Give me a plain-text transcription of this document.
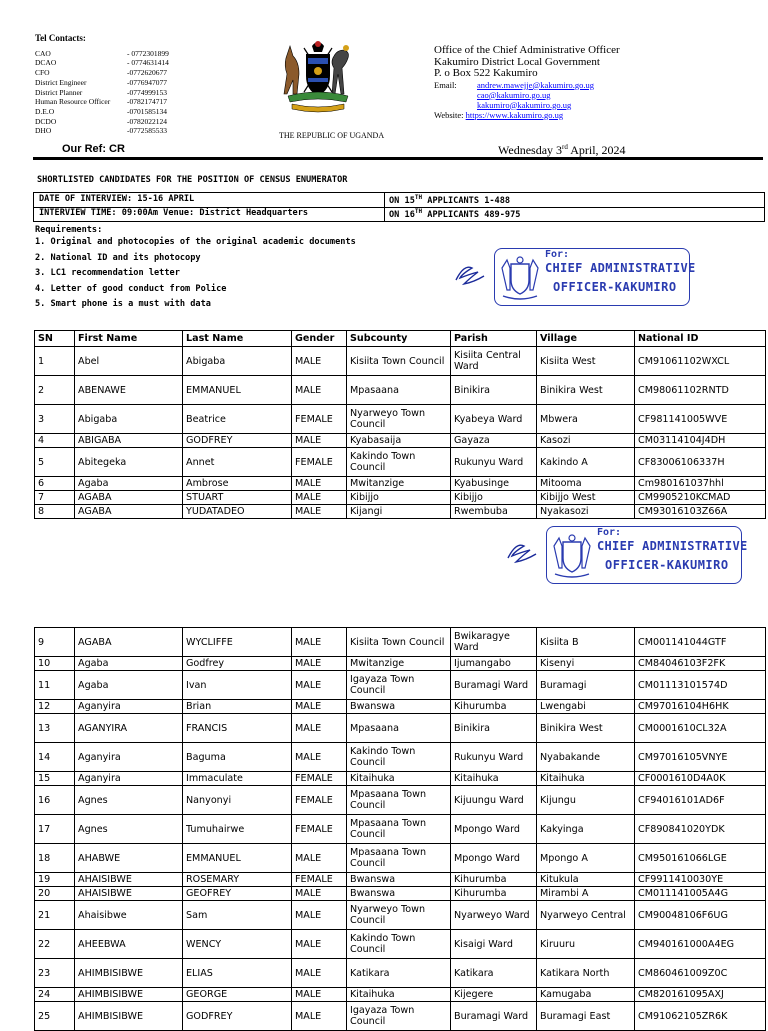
Tel Contacts:
CAO	- 0772301899
DCAO	- 0774631414
CFO	-0772620677
District Engineer	-0776947077
District Planner	-0774999153
Human Resource Officer	-0782174717
D.E.O	-0701585134
DCDO	-0782022124
DHO	-0772585533
THE REPUBLIC OF UGANDA
Office of the Chief Administrative Officer
Kakumiro District Local Government
P. o Box 522 Kakumiro
Email:	andrew.mawejje@kakumiro.go.ug
cao@kakumiro.go.ug
kakumiro@kakumiro.go.ug
Website: https://www.kakumiro.go.ug
Our Ref: CR	Wednesday 3rd April, 2024
SHORTLISTED CANDIDATES FOR THE POSITION OF CENSUS ENUMERATOR
DATE OF INTERVIEW: 15-16 APRIL
INTERVIEW TIME: 09:00Am Venue: District Headquarters
ON 15TH APPLICANTS 1-488
ON 16TH APPLICANTS 489-975
Requirements:
1. Original and photocopies of the original academic documents
2. National ID and its photocopy
3. LC1 recommendation letter
4. Letter of good conduct from Police
5. Smart phone is a must with data
For:
CHIEF ADMINISTRATIVE
OFFICER-KAKUMIRO
SN	First Name	Last Name	Gender	Subcounty	Parish	Village	National ID
1	Abel	Abigaba	MALE	Kisiita Town Council	Kisiita Central Ward	Kisiita West	CM91061102WXCL
2	ABENAWE	EMMANUEL	MALE	Mpasaana	Binikira	Binikira West	CM98061102RNTD
3	Abigaba	Beatrice	FEMALE	Nyarweyo Town Council	Kyabeya Ward	Mbwera	CF981141005WVE
4	ABIGABA	GODFREY	MALE	Kyabasaija	Gayaza	Kasozi	CM03114104J4DH
5	Abitegeka	Annet	FEMALE	Kakindo Town Council	Rukunyu Ward	Kakindo A	CF83006106337H
6	Agaba	Ambrose	MALE	Mwitanzige	Kyabusinge	Mitooma	Cm980161037hhl
7	AGABA	STUART	MALE	Kibijjo	Kibijjo	Kibijjo West	CM9905210KCMAD
8	AGABA	YUDATADEO	MALE	Kijangi	Rwembuba	Nyakasozi	CM93016103Z66A
For:
CHIEF ADMINISTRATIVE
OFFICER-KAKUMIRO
9	AGABA	WYCLIFFE	MALE	Kisiita Town Council	Bwikaragye Ward	Kisiita B	CM001141044GTF
10	Agaba	Godfrey	MALE	Mwitanzige	Ijumangabo	Kisenyi	CM84046103F2FK
11	Agaba	Ivan	MALE	Igayaza Town Council	Buramagi Ward	Buramagi	CM01113101574D
12	Aganyira	Brian	MALE	Bwanswa	Kihurumba	Lwengabi	CM97016104H6HK
13	AGANYIRA	FRANCIS	MALE	Mpasaana	Binikira	Binikira West	CM0001610CL32A
14	Aganyira	Baguma	MALE	Kakindo Town Council	Rukunyu Ward	Nyabakande	CM97016105VNYE
15	Aganyira	Immaculate	FEMALE	Kitaihuka	Kitaihuka	Kitaihuka	CF0001610D4A0K
16	Agnes	Nanyonyi	FEMALE	Mpasaana Town Council	Kijuungu Ward	Kijungu	CF94016101AD6F
17	Agnes	Tumuhairwe	FEMALE	Mpasaana Town Council	Mpongo Ward	Kakyinga	CF890841020YDK
18	AHABWE	EMMANUEL	MALE	Mpasaana Town Council	Mpongo Ward	Mpongo A	CM950161066LGE
19	AHAISIBWE	ROSEMARY	FEMALE	Bwanswa	Kihurumba	Kitukula	CF9911410030YE
20	AHAISIBWE	GEOFREY	MALE	Bwanswa	Kihurumba	Mirambi A	CM011141005A4G
21	Ahaisibwe	Sam	MALE	Nyarweyo Town Council	Nyarweyo Ward	Nyarweyo Central	CM90048106F6UG
22	AHEEBWA	WENCY	MALE	Kakindo Town Council	Kisaigi Ward	Kiruuru	CM940161000A4EG
23	AHIMBISIBWE	ELIAS	MALE	Katikara	Katikara	Katikara North	CM860461009Z0C
24	AHIMBISIBWE	GEORGE	MALE	Kitaihuka	Kijegere	Kamugaba	CM820161095AXJ
25	AHIMBISIBWE	GODFREY	MALE	Igayaza Town Council	Buramagi Ward	Buramagi East	CM91062105ZR6K
